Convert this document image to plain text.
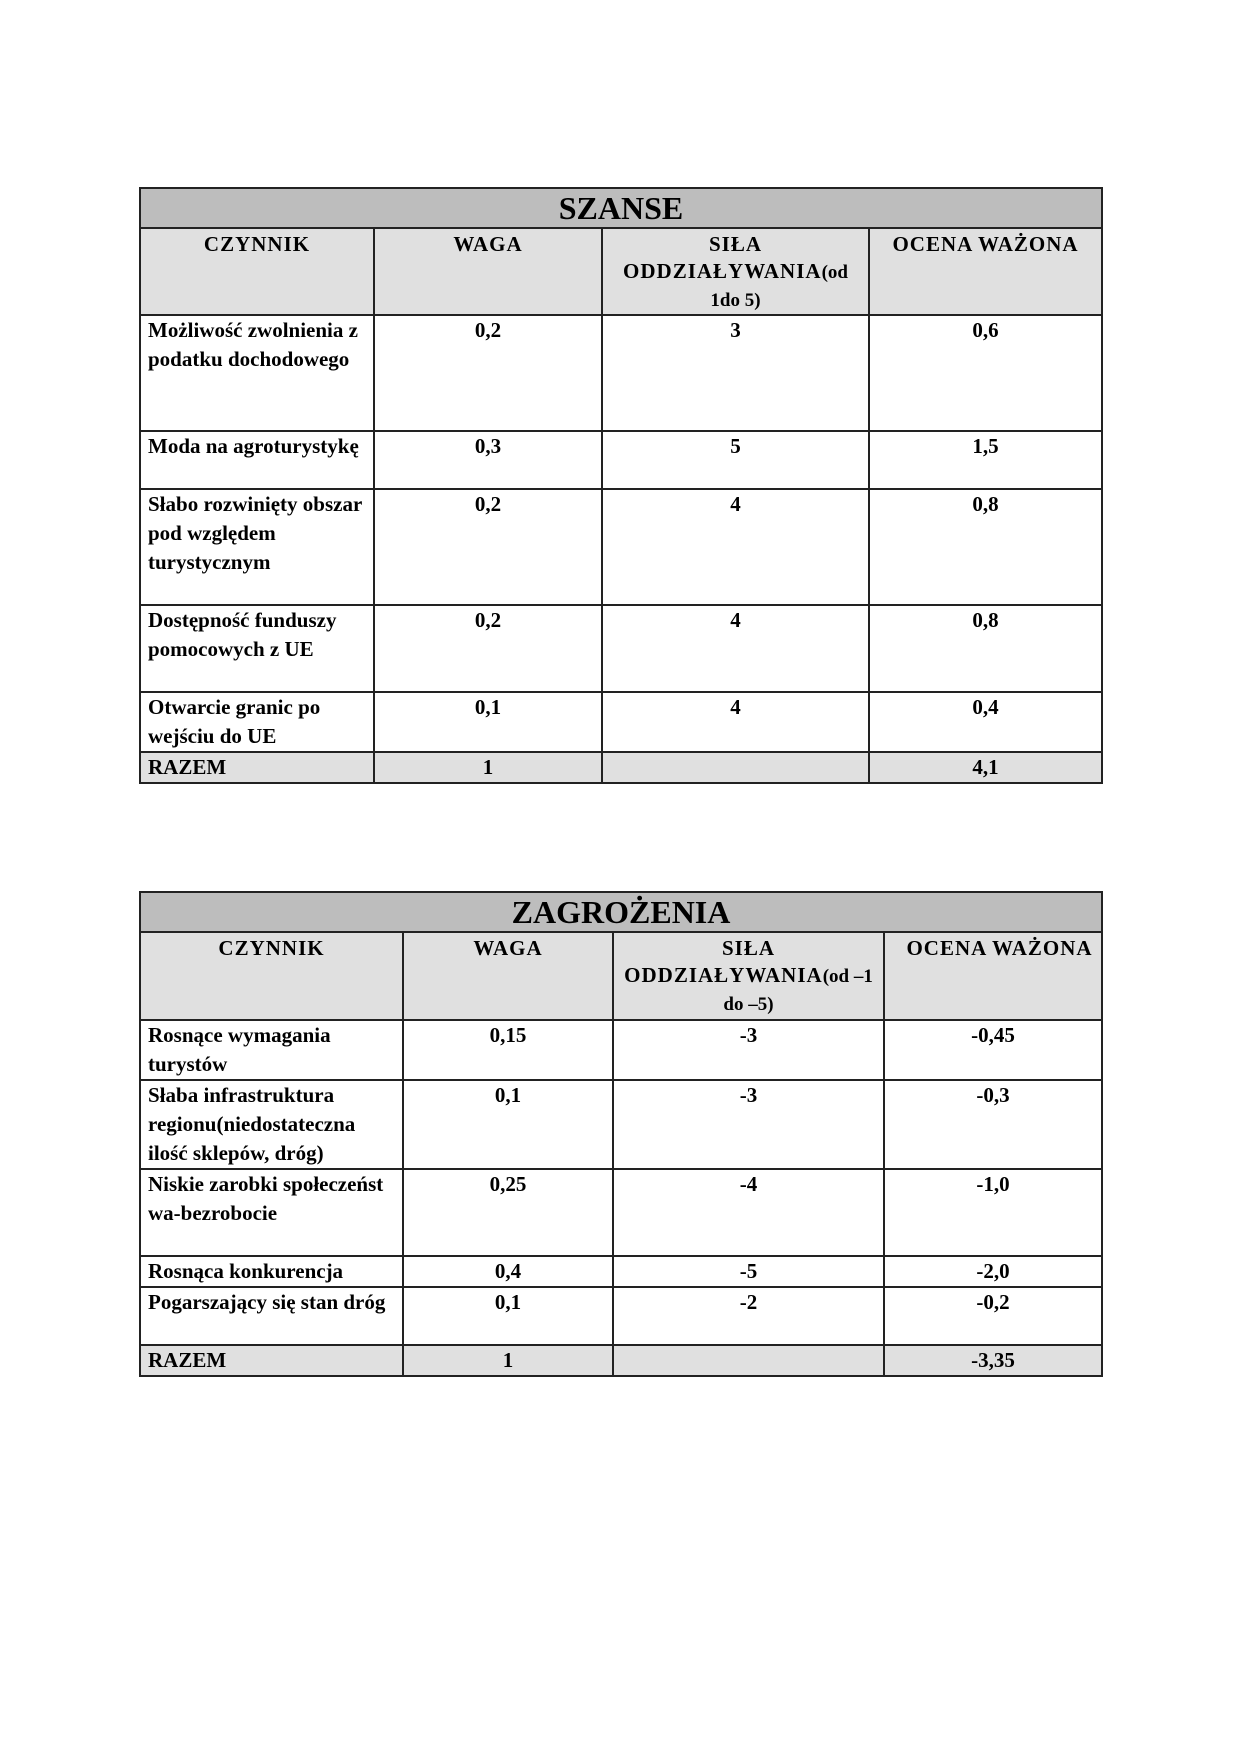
SZANSE			
CZYNNIK	WAGA	SIŁA ODDZIAŁYWANIA(od 1do 5)	OCENA WAŻONA
Możliwość zwolnienia z podatku dochodowego	0,2	3	0,6
Moda na agroturystykę	0,3	5	1,5
Słabo rozwinięty obszar pod względem turystycznym	0,2	4	0,8
Dostępność funduszy pomocowych z UE	0,2	4	0,8
Otwarcie granic po wejściu do UE	0,1	4	0,4
RAZEM	1		4,1
ZAGROŻENIA			
CZYNNIK	WAGA	SIŁA ODDZIAŁYWANIA(od –1 do –5)	OCENA WAŻONA
Rosnące wymagania turystów	0,15	-3	-0,45
Słaba infrastruktura regionu(niedostateczna ilość sklepów, dróg)	0,1	-3	-0,3
Niskie zarobki społeczeństwa-bezrobocie	0,25	-4	-1,0
Rosnąca konkurencja	0,4	-5	-2,0
Pogarszający się stan dróg	0,1	-2	-0,2
RAZEM	1		-3,35
